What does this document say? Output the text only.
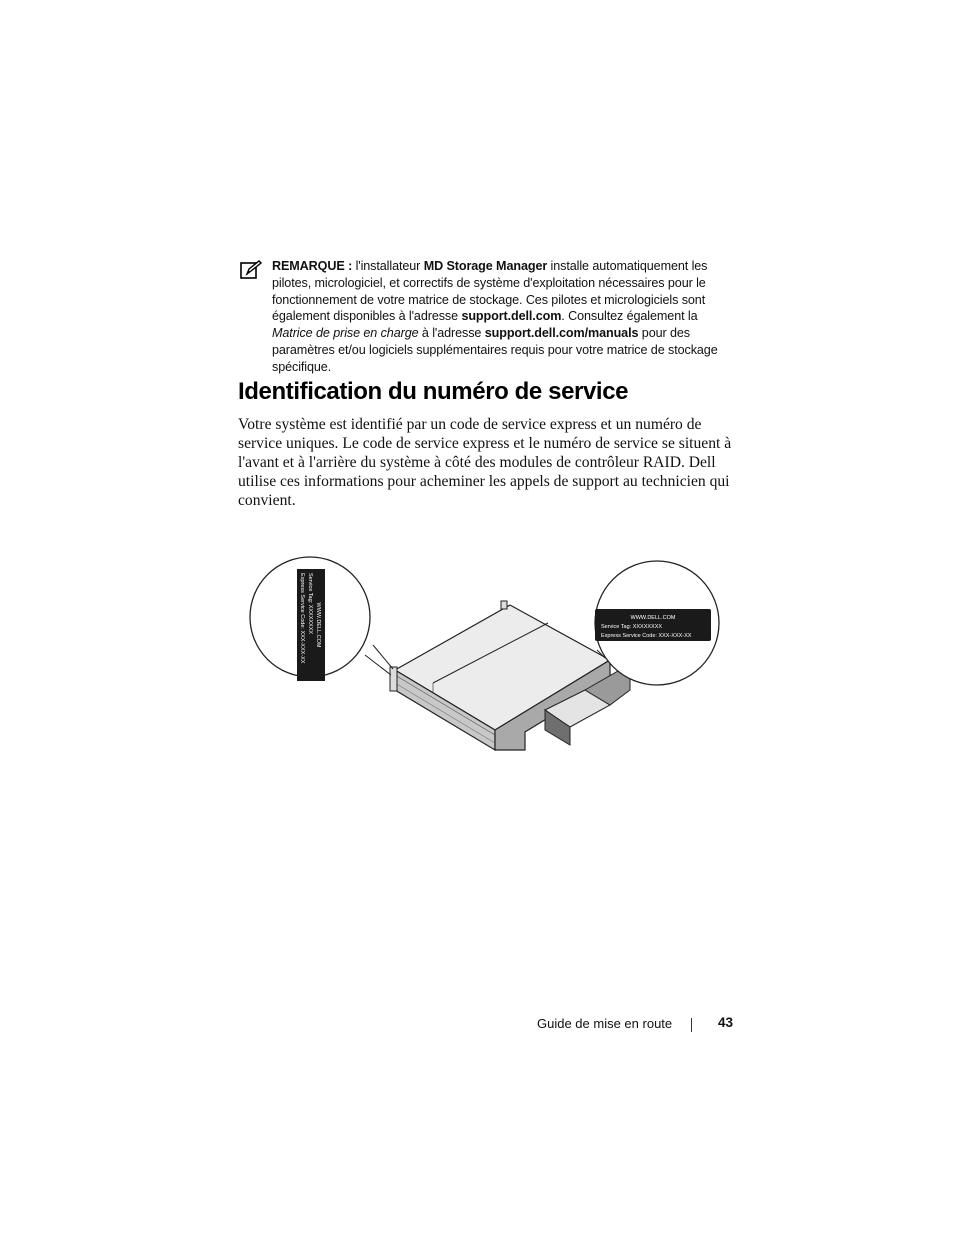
REMARQUE : l'installateur MD Storage Manager installe automatiquement les pilotes, micrologiciel, et correctifs de système d'exploitation nécessaires pour le fonctionnement de votre matrice de stockage. Ces pilotes et micrologiciels sont également disponibles à l'adresse support.dell.com. Consultez également la Matrice de prise en charge à l'adresse support.dell.com/manuals pour des paramètres et/ou logiciels supplémentaires requis pour votre matrice de stockage spécifique.
Identification du numéro de service

Votre système est identifié par un code de service express et un numéro de service uniques. Le code de service express et le numéro de service se situent à l'avant et à l'arrière du système à côté des modules de contrôleur RAID. Dell utilise ces informations pour acheminer les appels de support au technicien qui convient.

WWW.DELL.COM
Service Tag: XXXXXXXX
Express Service Code: XXX-XXX-XX	WWW.DELL.COM
Service Tag: XXXXXXXX
Express Service Code: XXX-XXX-XX
Guide de mise en route	43
